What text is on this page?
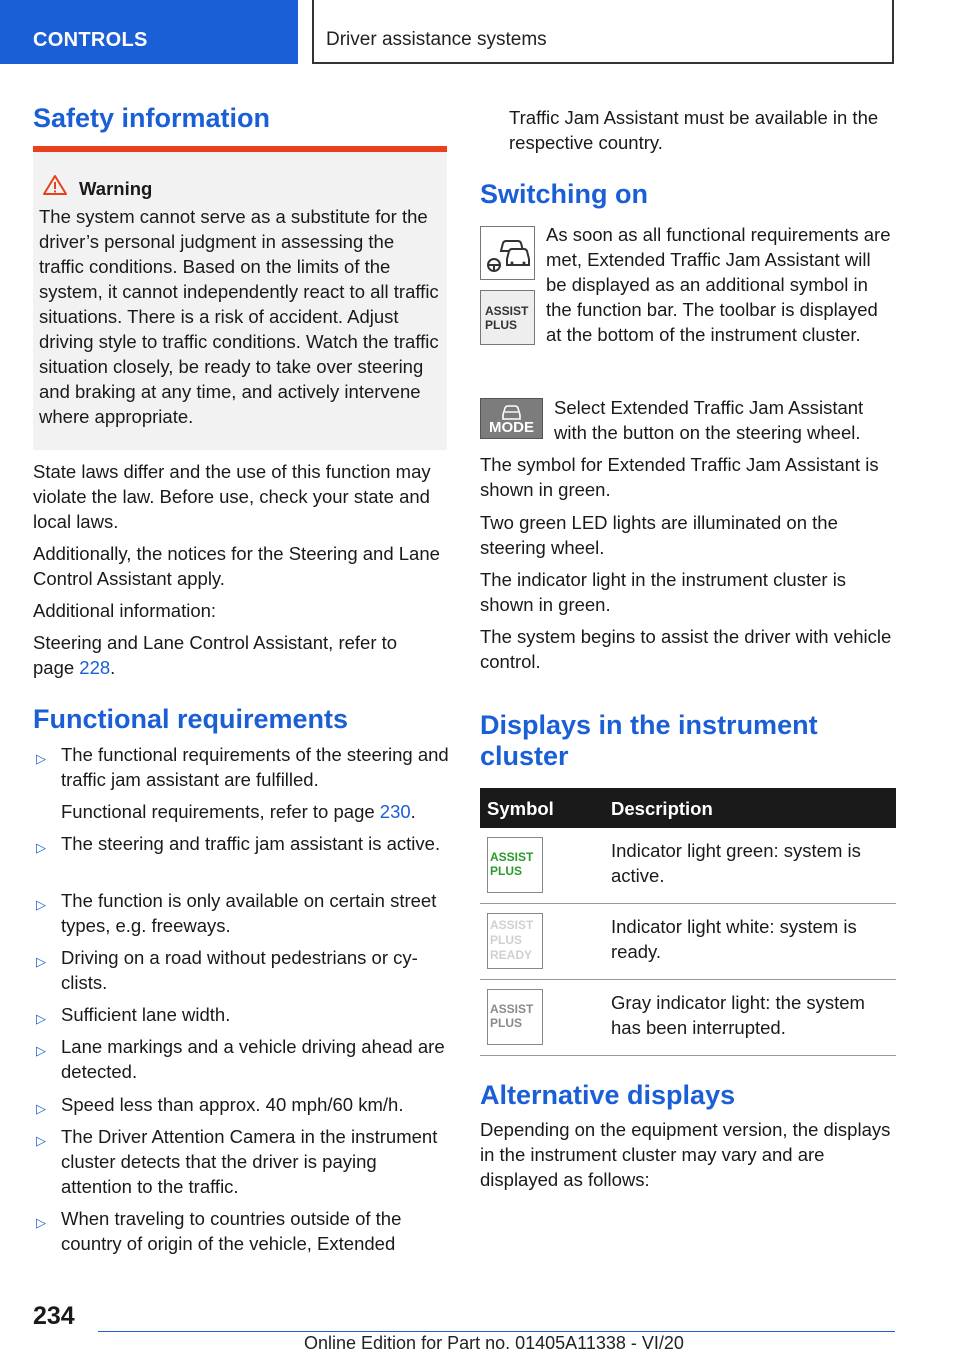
CONTROLS	Driver assistance systems
Safety information
Warning
The system cannot serve as a substitute for the driver’s personal judgment in assessing the traffic conditions. Based on the limits of the system, it cannot independently react to all traffic situations. There is a risk of accident. Adjust driving style to traffic conditions. Watch the traffic situation closely, be ready to take over steering and braking at any time, and actively intervene where appropriate.

State laws differ and the use of this function may violate the law. Before use, check your state and local laws.

Additionally, the notices for the Steering and Lane Control Assistant apply.

Additional information:

Steering and Lane Control Assistant, refer to page 228.

Functional requirements
▷ The functional requirements of the steering and traffic jam assistant are fulfilled.
Functional requirements, refer to page 230.
▷ The steering and traffic jam assistant is active.
▷ The function is only available on certain street types, e.g. freeways.
▷ Driving on a road without pedestrians or cyclists.
▷ Sufficient lane width.
▷ Lane markings and a vehicle driving ahead are detected.
▷ Speed less than approx. 40 mph/60 km/h.
▷ The Driver Attention Camera in the instrument cluster detects that the driver is paying attention to the traffic.
▷ When traveling to countries outside of the country of origin of the vehicle, Extended

Traffic Jam Assistant must be available in the respective country.

Switching on
ASSIST
PLUS

As soon as all functional requirements are met, Extended Traffic Jam Assistant will be displayed as an additional symbol in the function bar. The toolbar is displayed at the bottom of the instrument cluster.

MODE

Select Extended Traffic Jam Assistant with the button on the steering wheel.

The symbol for Extended Traffic Jam Assistant is shown in green.

Two green LED lights are illuminated on the steering wheel.

The indicator light in the instrument cluster is shown in green.

The system begins to assist the driver with vehicle control.

Displays in the instrument
cluster
Symbol	Description
ASSIST
PLUS
Indicator light green: system is active.
ASSIST
PLUS
READY
Indicator light white: system is ready.
ASSIST
PLUS
Gray indicator light: the system has been interrupted.
Alternative displays

Depending on the equipment version, the displays in the instrument cluster may vary and are displayed as follows:

234
Online Edition for Part no. 01405A11338 - VI/20
